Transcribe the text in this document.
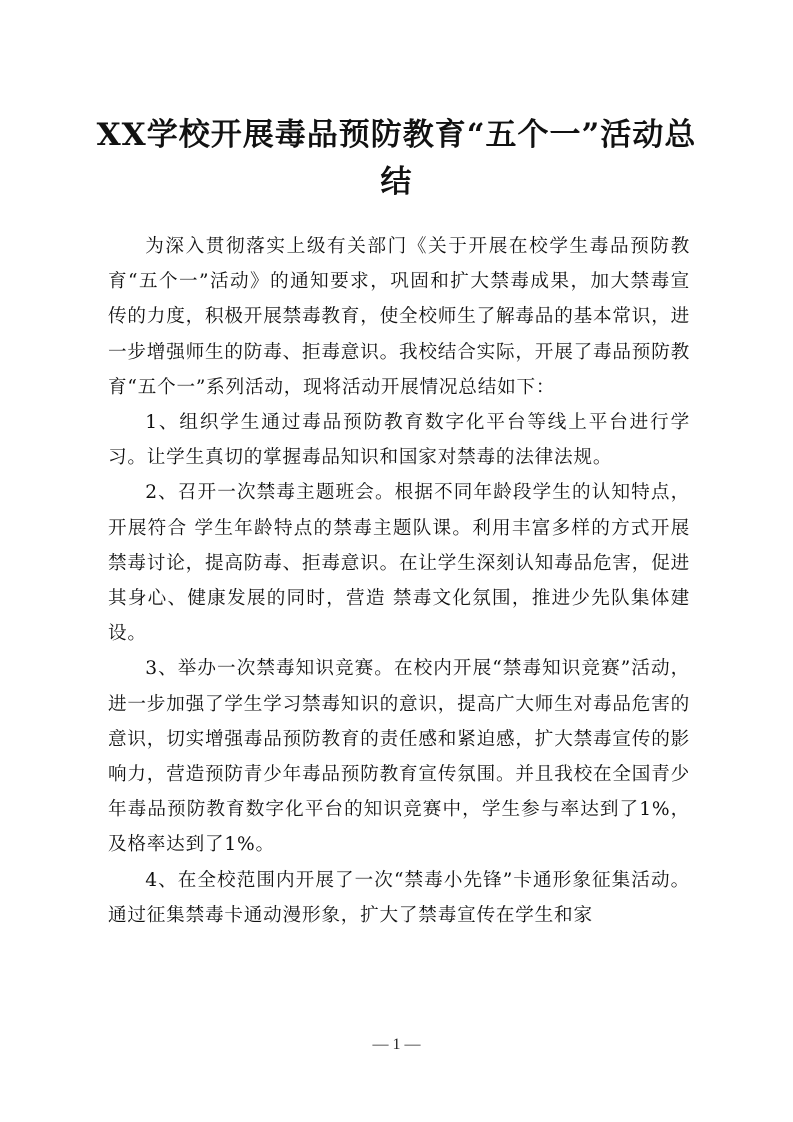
XX学校开展毒品预防教育“五个一”活动总结

为深入贯彻落实上级有关部门《关于开展在校学生毒品预防教育“五个一”活动》的通知要求，巩固和扩大禁毒成果，加大禁毒宣传的力度，积极开展禁毒教育，使全校师生了解毒品的基本常识，进一步增强师生的防毒、拒毒意识。我校结合实际，开展了毒品预防教育“五个一”系列活动，现将活动开展情况总结如下：

1、组织学生通过毒品预防教育数字化平台等线上平台进行学习。让学生真切的掌握毒品知识和国家对禁毒的法律法规。

2、召开一次禁毒主题班会。根据不同年龄段学生的认知特点，开展符合 学生年龄特点的禁毒主题队课。利用丰富多样的方式开展禁毒讨论，提高防毒、拒毒意识。在让学生深刻认知毒品危害，促进其身心、健康发展的同时，营造 禁毒文化氛围，推进少先队集体建设。

3、举办一次禁毒知识竞赛。在校内开展“禁毒知识竞赛”活动，进一步加强了学生学习禁毒知识的意识，提高广大师生对毒品危害的意识，切实增强毒品预防教育的责任感和紧迫感，扩大禁毒宣传的影响力，营造预防青少年毒品预防教育宣传氛围。并且我校在全国青少年毒品预防教育数字化平台的知识竞赛中，学生参与率达到了1%，及格率达到了1%。

4、在全校范围内开展了一次“禁毒小先锋”卡通形象征集活动。通过征集禁毒卡通动漫形象，扩大了禁毒宣传在学生和家

— 1 —
